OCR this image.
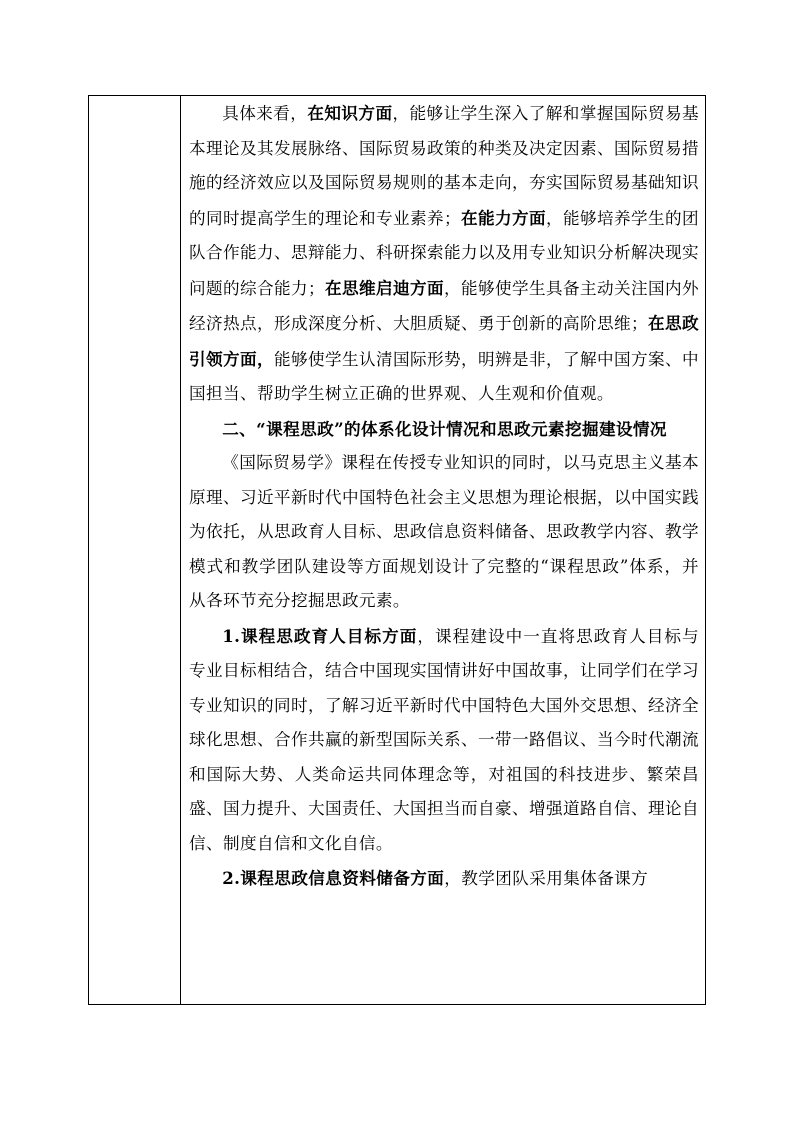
具体来看，在知识方面，能够让学生深入了解和掌握国际贸易基本理论及其发展脉络、国际贸易政策的种类及决定因素、国际贸易措施的经济效应以及国际贸易规则的基本走向，夯实国际贸易基础知识的同时提高学生的理论和专业素养；在能力方面，能够培养学生的团队合作能力、思辩能力、科研探索能力以及用专业知识分析解决现实问题的综合能力；在思维启迪方面，能够使学生具备主动关注国内外经济热点，形成深度分析、大胆质疑、勇于创新的高阶思维；在思政引领方面，能够使学生认清国际形势，明辨是非，了解中国方案、中国担当、帮助学生树立正确的世界观、人生观和价值观。

二、“课程思政”的体系化设计情况和思政元素挖掘建设情况

《国际贸易学》课程在传授专业知识的同时，以马克思主义基本原理、习近平新时代中国特色社会主义思想为理论根据，以中国实践为依托，从思政育人目标、思政信息资料储备、思政教学内容、教学模式和教学团队建设等方面规划设计了完整的“课程思政”体系，并从各环节充分挖掘思政元素。

1.课程思政育人目标方面，课程建设中一直将思政育人目标与专业目标相结合，结合中国现实国情讲好中国故事，让同学们在学习专业知识的同时，了解习近平新时代中国特色大国外交思想、经济全球化思想、合作共赢的新型国际关系、一带一路倡议、当今时代潮流和国际大势、人类命运共同体理念等，对祖国的科技进步、繁荣昌盛、国力提升、大国责任、大国担当而自豪、增强道路自信、理论自信、制度自信和文化自信。

2.课程思政信息资料储备方面，教学团队采用集体备课方
